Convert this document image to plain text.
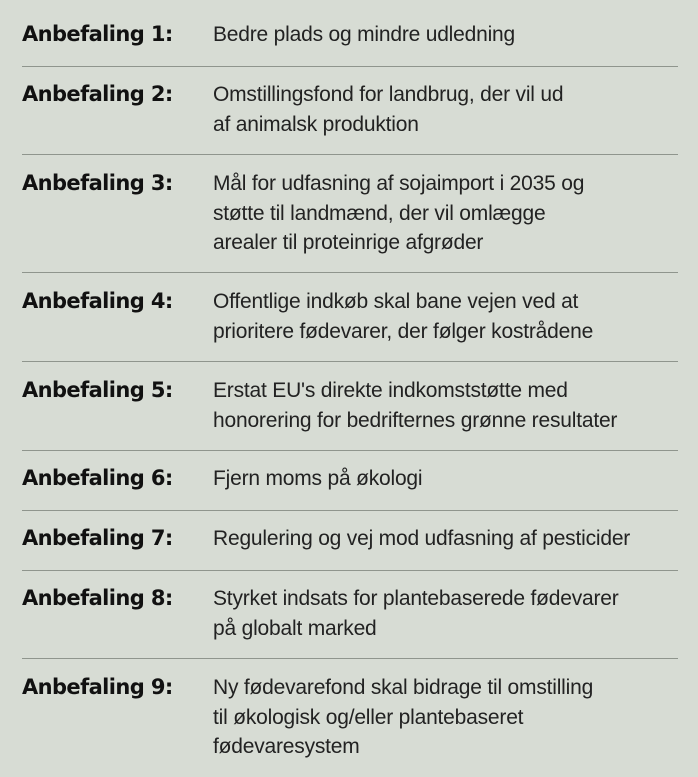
Anbefaling 1: Bedre plads og mindre udledning
Anbefaling 2: Omstillingsfond for landbrug, der vil ud
af animalsk produktion
Anbefaling 3: Mål for udfasning af sojaimport i 2035 og
støtte til landmænd, der vil omlægge
arealer til proteinrige afgrøder
Anbefaling 4: Offentlige indkøb skal bane vejen ved at
prioritere fødevarer, der følger kostrådene
Anbefaling 5: Erstat EU's direkte indkomststøtte med
honorering for bedrifternes grønne resultater
Anbefaling 6: Fjern moms på økologi
Anbefaling 7: Regulering og vej mod udfasning af pesticider
Anbefaling 8: Styrket indsats for plantebaserede fødevarer
på globalt marked
Anbefaling 9: Ny fødevarefond skal bidrage til omstilling
til økologisk og/eller plantebaseret
fødevaresystem
